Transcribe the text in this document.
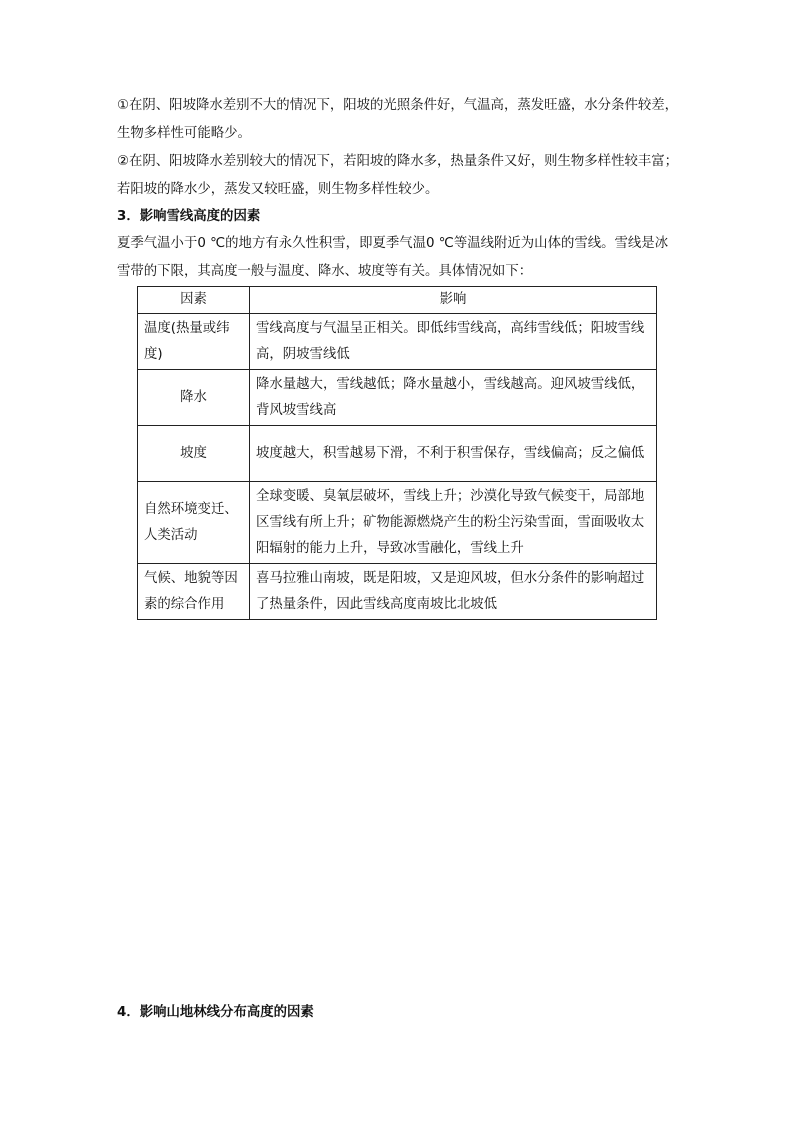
①在阴、阳坡降水差别不大的情况下，阳坡的光照条件好，气温高，蒸发旺盛，水分条件较差，生物多样性可能略少。

②在阴、阳坡降水差别较大的情况下，若阳坡的降水多，热量条件又好，则生物多样性较丰富；若阳坡的降水少，蒸发又较旺盛，则生物多样性较少。

3．影响雪线高度的因素

夏季气温小于0 ℃的地方有永久性积雪，即夏季气温0 ℃等温线附近为山体的雪线。雪线是冰雪带的下限，其高度一般与温度、降水、坡度等有关。具体情况如下：

因素	影响
温度(热量或纬度)	雪线高度与气温呈正相关。即低纬雪线高，高纬雪线低；阳坡雪线高，阴坡雪线低
降水	降水量越大，雪线越低；降水量越小，雪线越高。迎风坡雪线低，背风坡雪线高
坡度	坡度越大，积雪越易下滑，不利于积雪保存，雪线偏高；反之偏低
自然环境变迁、人类活动	全球变暖、臭氧层破坏，雪线上升；沙漠化导致气候变干，局部地区雪线有所上升；矿物能源燃烧产生的粉尘污染雪面，雪面吸收太阳辐射的能力上升，导致冰雪融化，雪线上升
气候、地貌等因素的综合作用	喜马拉雅山南坡，既是阳坡，又是迎风坡，但水分条件的影响超过了热量条件，因此雪线高度南坡比北坡低

4．影响山地林线分布高度的因素
